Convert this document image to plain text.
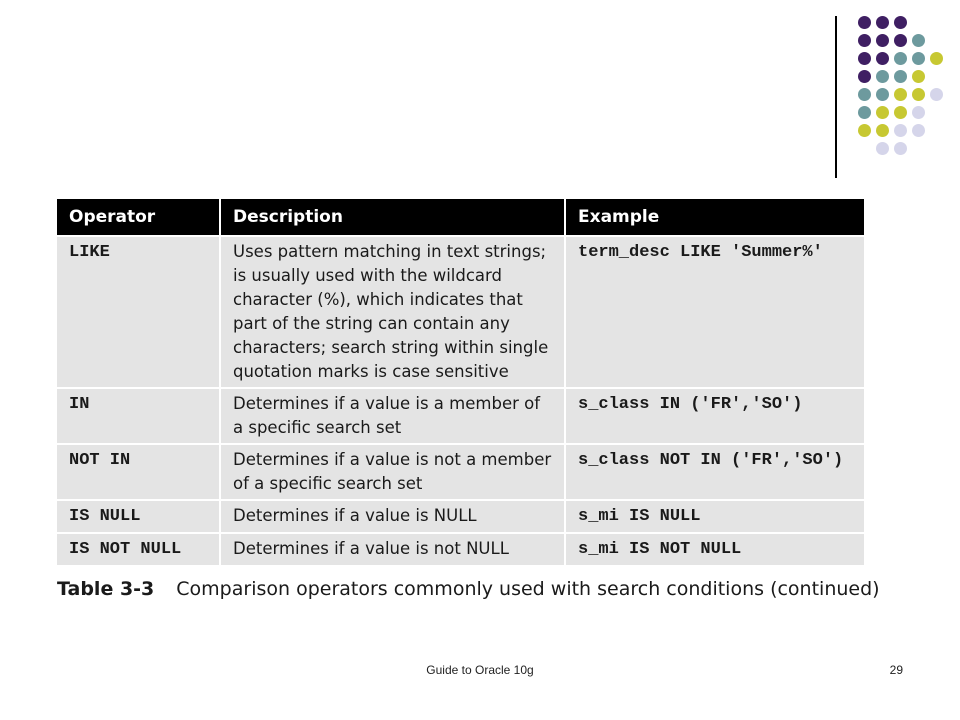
Operator	Description	Example
LIKE	Uses pattern matching in text strings; is usually used with the wildcard character (%), which indicates that part of the string can contain any characters; search string within single quotation marks is case sensitive	term_desc LIKE 'Summer%'
IN	Determines if a value is a member of a specific search set	s_class IN ('FR','SO')
NOT IN	Determines if a value is not a member of a specific search set	s_class NOT IN ('FR','SO')
IS NULL	Determines if a value is NULL	s_mi IS NULL
IS NOT NULL	Determines if a value is not NULL	s_mi IS NOT NULL
Table 3-3 Comparison operators commonly used with search conditions (continued)
Guide to Oracle 10g	29
